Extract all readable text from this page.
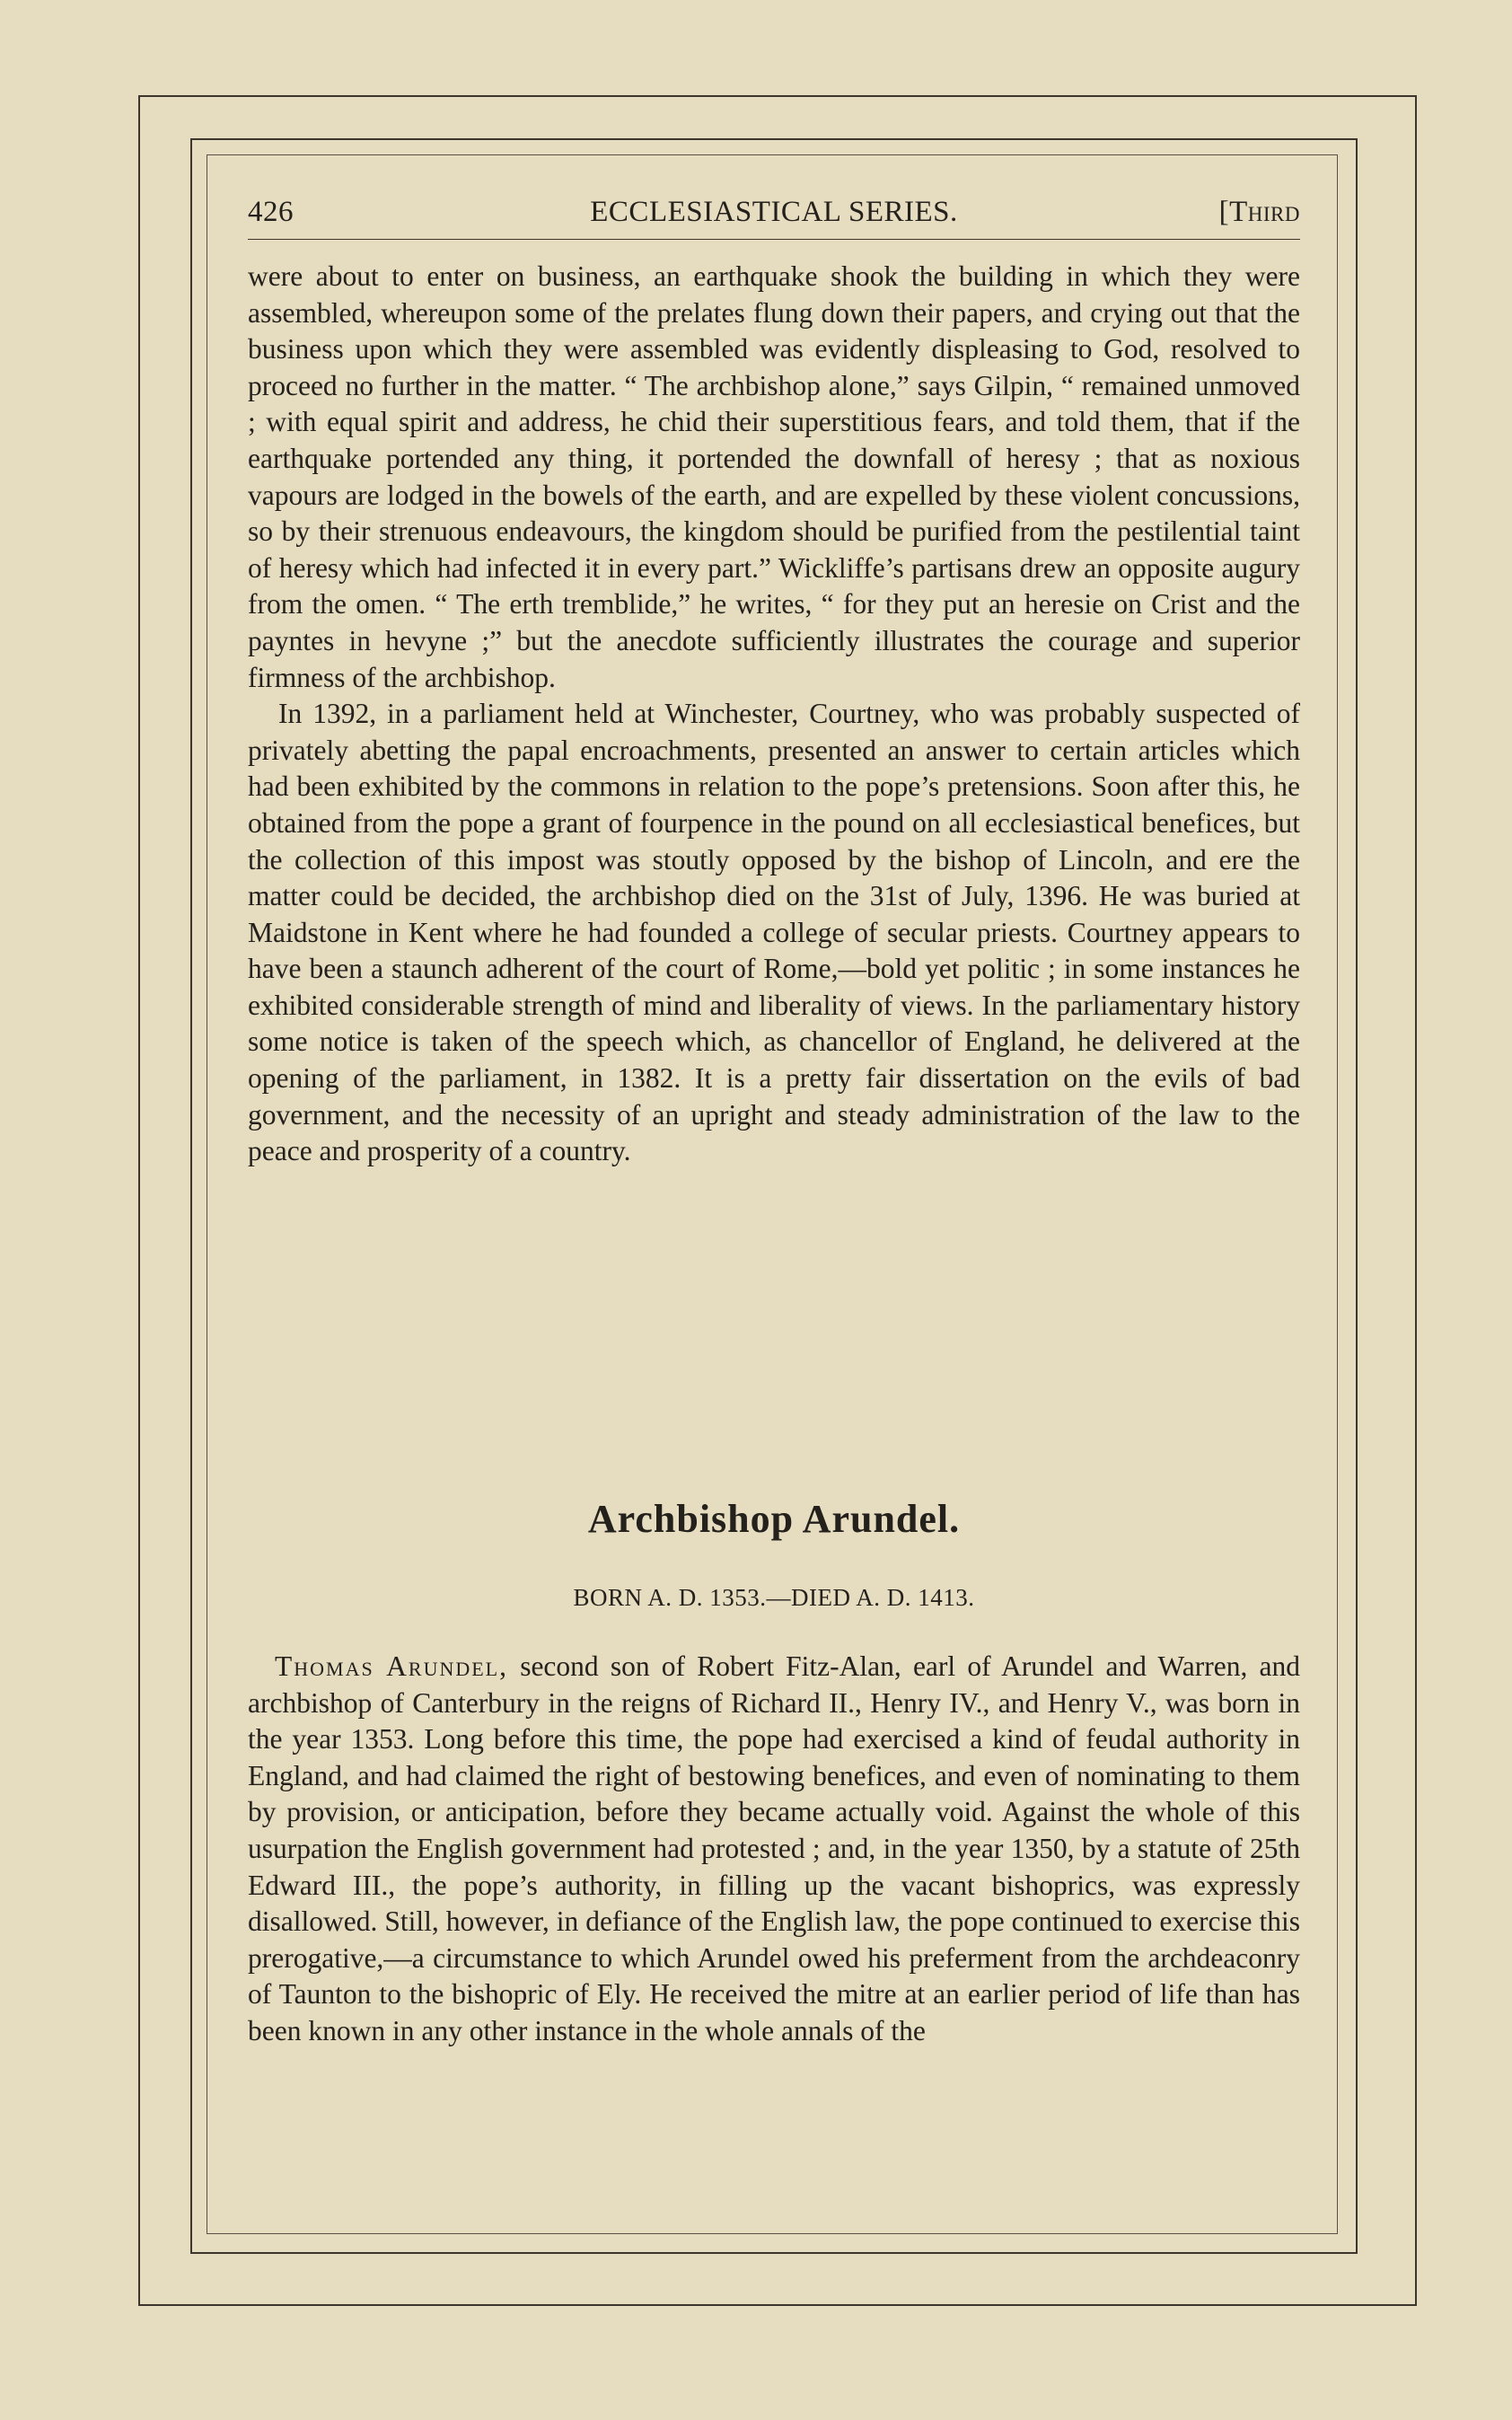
426	ECCLESIASTICAL SERIES.	[Third

were about to enter on business, an earthquake shook the building in which they were assembled, whereupon some of the prelates flung down their papers, and crying out that the business upon which they were assembled was evidently displeasing to God, resolved to proceed no further in the matter. “ The archbishop alone,” says Gilpin, “ remained unmoved ; with equal spirit and address, he chid their superstitious fears, and told them, that if the earthquake portended any thing, it portended the downfall of heresy ; that as noxious vapours are lodged in the bowels of the earth, and are expelled by these violent concussions, so by their strenuous endeavours, the kingdom should be purified from the pestilential taint of heresy which had infected it in every part.” Wickliffe’s partisans drew an opposite augury from the omen. “ The erth tremblide,” he writes, “ for they put an heresie on Crist and the payntes in hevyne ;” but the anecdote sufficiently illustrates the courage and superior firmness of the archbishop.

In 1392, in a parliament held at Winchester, Courtney, who was probably suspected of privately abetting the papal encroachments, presented an answer to certain articles which had been exhibited by the commons in relation to the pope’s pretensions. Soon after this, he obtained from the pope a grant of fourpence in the pound on all ecclesiastical benefices, but the collection of this impost was stoutly opposed by the bishop of Lincoln, and ere the matter could be decided, the archbishop died on the 31st of July, 1396. He was buried at Maidstone in Kent where he had founded a college of secular priests. Courtney appears to have been a staunch adherent of the court of Rome,—bold yet politic ; in some instances he exhibited considerable strength of mind and liberality of views. In the parliamentary history some notice is taken of the speech which, as chancellor of England, he delivered at the opening of the parliament, in 1382. It is a pretty fair dissertation on the evils of bad government, and the necessity of an upright and steady administration of the law to the peace and prosperity of a country.

Archbishop Arundel.
BORN A. D. 1353.—DIED A. D. 1413.

Thomas Arundel, second son of Robert Fitz-Alan, earl of Arundel and Warren, and archbishop of Canterbury in the reigns of Richard II., Henry IV., and Henry V., was born in the year 1353. Long before this time, the pope had exercised a kind of feudal authority in England, and had claimed the right of bestowing benefices, and even of nominating to them by provision, or anticipation, before they became actually void. Against the whole of this usurpation the English government had protested ; and, in the year 1350, by a statute of 25th Edward III., the pope’s authority, in filling up the vacant bishoprics, was expressly disallowed. Still, however, in defiance of the English law, the pope continued to exercise this prerogative,—a circumstance to which Arundel owed his preferment from the archdeaconry of Taunton to the bishopric of Ely. He received the mitre at an earlier period of life than has been known in any other instance in the whole annals of the
